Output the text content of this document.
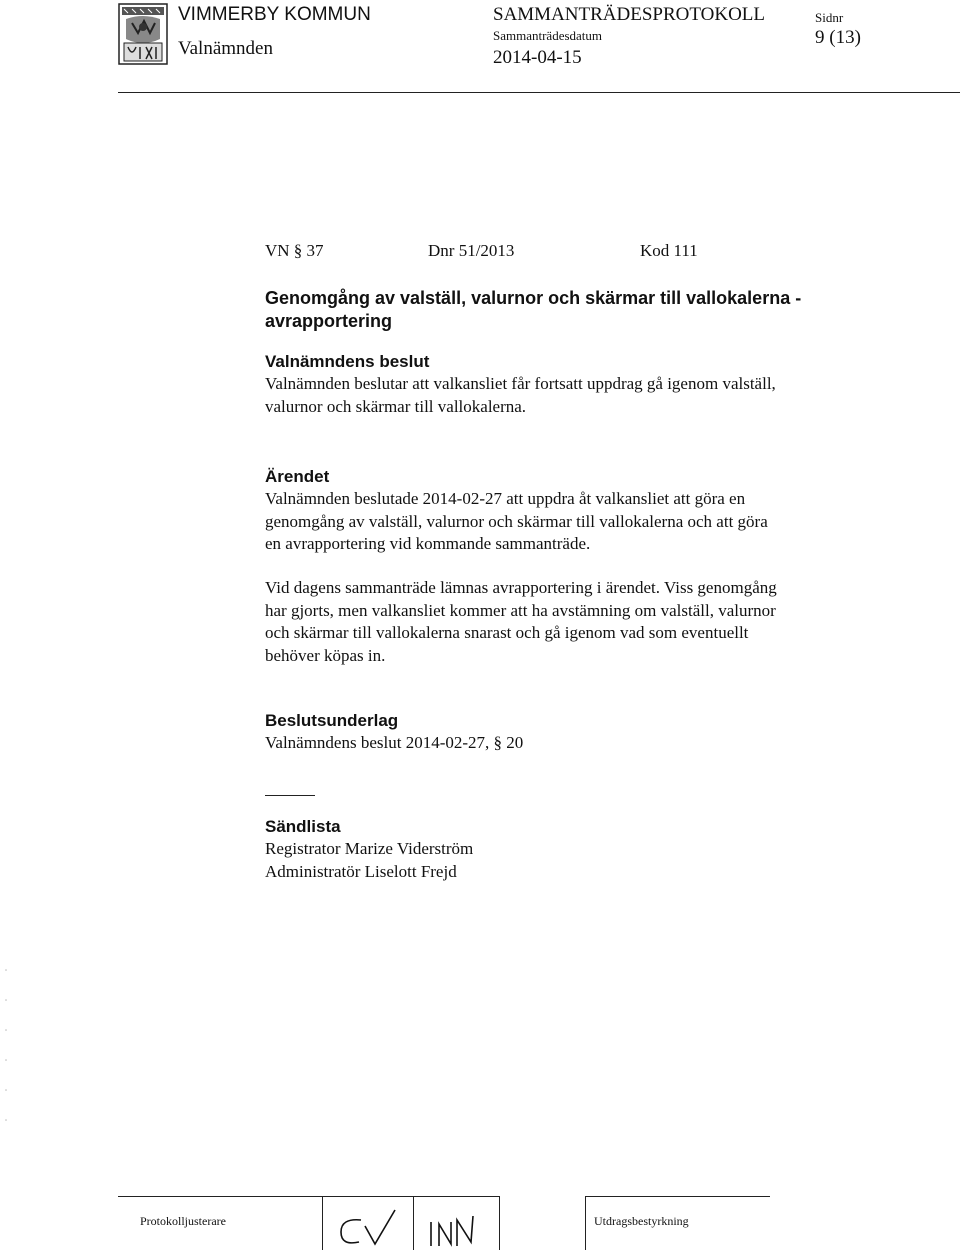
VIMMERBY KOMMUN
Valnämnden
SAMMANTRÄDESPROTOKOLL
Sammanträdesdatum
2014-04-15
Sidnr
9 (13)
VN § 37	Dnr 51/2013	Kod 111
Genomgång av valställ, valurnor och skärmar till vallokalerna -
avrapportering
Valnämndens beslut
Valnämnden beslutar att valkansliet får fortsatt uppdrag gå igenom valställ,
valurnor och skärmar till vallokalerna.
Ärendet
Valnämnden beslutade 2014-02-27 att uppdra åt valkansliet att göra en
genomgång av valställ, valurnor och skärmar till vallokalerna och att göra
en avrapportering vid kommande sammanträde.
Vid dagens sammanträde lämnas avrapportering i ärendet. Viss genomgång
har gjorts, men valkansliet kommer att ha avstämning om valställ, valurnor
och skärmar till vallokalerna snarast och gå igenom vad som eventuellt
behöver köpas in.
Beslutsunderlag
Valnämndens beslut 2014-02-27, § 20
Sändlista
Registrator Marize Viderström
Administratör Liselott Frejd
Protokolljusterare	Utdragsbestyrkning
